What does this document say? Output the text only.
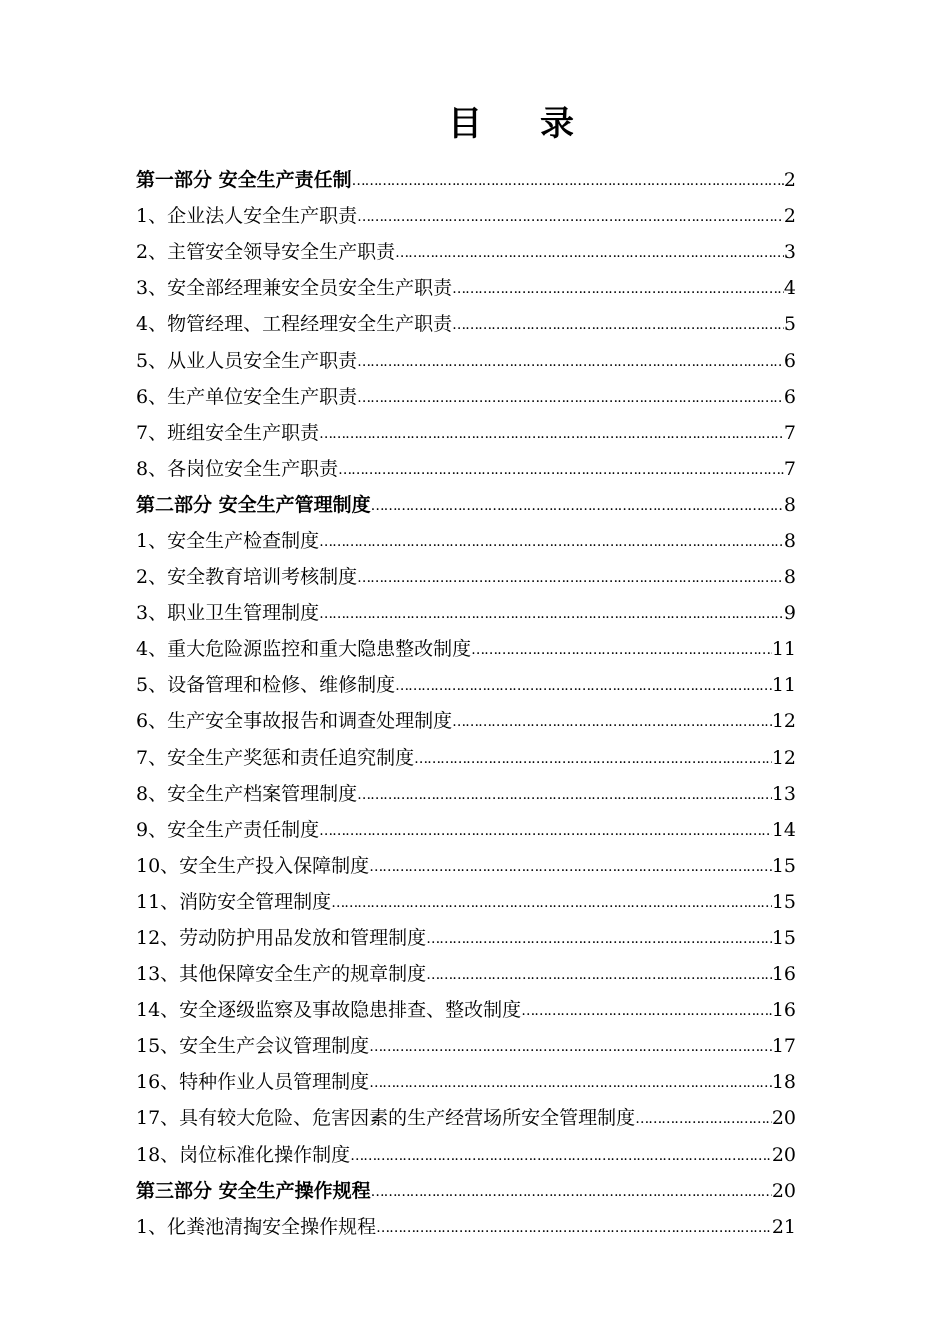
目 录
第一部分 安全生产责任制 ……………………………………………………………………………………………………………………………………	2
1、企业法人安全生产职责 ……………………………………………………………………………………………………………………………………	2
2、主管安全领导安全生产职责 ……………………………………………………………………………………………………………………………………	3
3、安全部经理兼安全员安全生产职责 ……………………………………………………………………………………………………………………………………	4
4、物管经理、工程经理安全生产职责 ……………………………………………………………………………………………………………………………………	5
5、从业人员安全生产职责 ……………………………………………………………………………………………………………………………………	6
6、生产单位安全生产职责 ……………………………………………………………………………………………………………………………………	6
7、班组安全生产职责 ……………………………………………………………………………………………………………………………………	7
8、各岗位安全生产职责 ……………………………………………………………………………………………………………………………………	7
第二部分 安全生产管理制度 ……………………………………………………………………………………………………………………………………	8
1、安全生产检查制度 ……………………………………………………………………………………………………………………………………	8
2、安全教育培训考核制度 ……………………………………………………………………………………………………………………………………	8
3、职业卫生管理制度 ……………………………………………………………………………………………………………………………………	9
4、重大危险源监控和重大隐患整改制度 ……………………………………………………………………………………………………………………………………	11
5、设备管理和检修、维修制度 ……………………………………………………………………………………………………………………………………	11
6、生产安全事故报告和调查处理制度 ……………………………………………………………………………………………………………………………………	12
7、安全生产奖惩和责任追究制度 ……………………………………………………………………………………………………………………………………	12
8、安全生产档案管理制度 ……………………………………………………………………………………………………………………………………	13
9、安全生产责任制度 ……………………………………………………………………………………………………………………………………	14
10、安全生产投入保障制度 ……………………………………………………………………………………………………………………………………	15
11、消防安全管理制度 ……………………………………………………………………………………………………………………………………	15
12、劳动防护用品发放和管理制度 ……………………………………………………………………………………………………………………………………	15
13、其他保障安全生产的规章制度 ……………………………………………………………………………………………………………………………………	16
14、安全逐级监察及事故隐患排查、整改制度 ……………………………………………………………………………………………………………………………………	16
15、安全生产会议管理制度 ……………………………………………………………………………………………………………………………………	17
16、特种作业人员管理制度 ……………………………………………………………………………………………………………………………………	18
17、具有较大危险、危害因素的生产经营场所安全管理制度 ……………………………………………………………………………………………………………………………………	20
18、岗位标准化操作制度 ……………………………………………………………………………………………………………………………………	20
第三部分 安全生产操作规程 ……………………………………………………………………………………………………………………………………	20
1、化粪池清掏安全操作规程 ……………………………………………………………………………………………………………………………………	21
